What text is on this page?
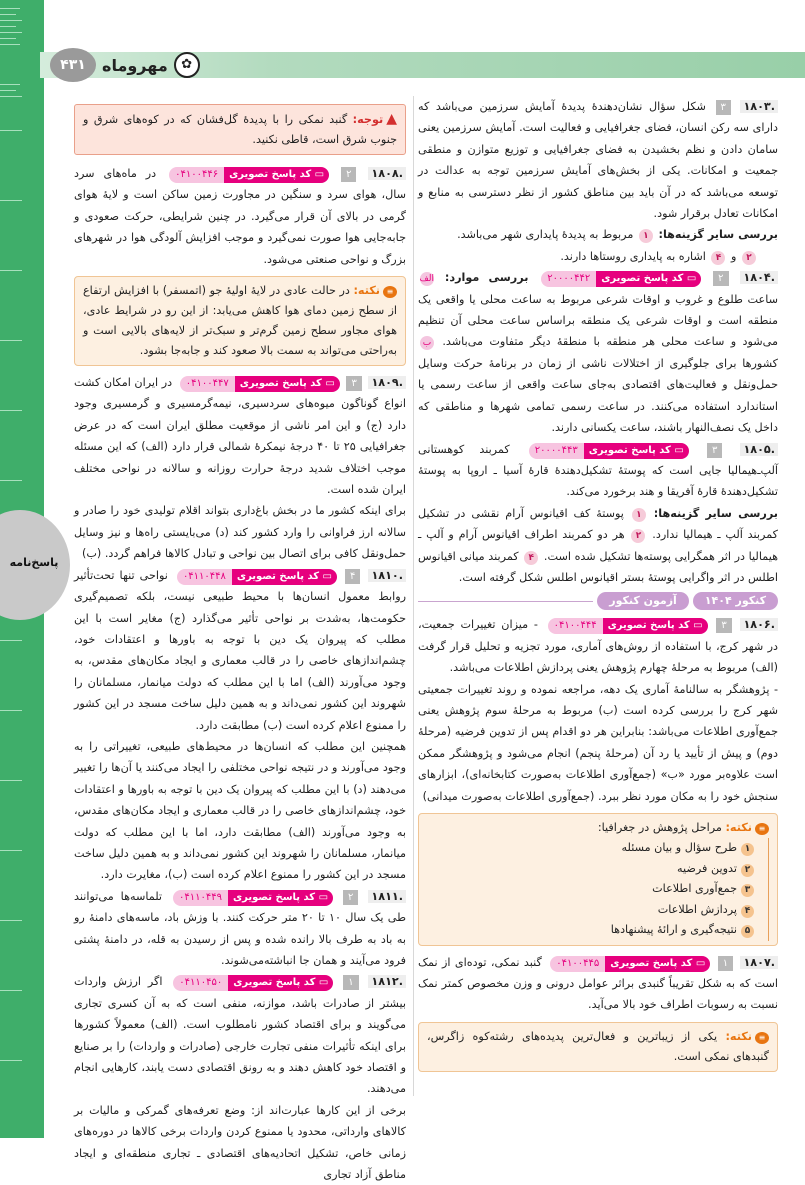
۴۳۱	مهروماه	✿
پاسخ‌نامه

.۱۸۰۳ ۳ شکل سؤال نشان‌دهندهٔ پدیدهٔ آمایش سرزمین می‌باشد که دارای سه رکن انسان، فضای جغرافیایی و فعالیت است. آمایش سرزمین یعنی سامان دادن و نظم بخشیدن به فضای جغرافیایی و توزیع متوازن و منطقی جمعیت و امکانات. یکی از بخش‌های آمایش سرزمین توجه به عدالت در توسعه می‌باشد که در آن باید بین مناطق کشور از نظر دسترسی به منابع و امکانات تعادل برقرار شود.

بررسی سایر گزینه‌ها: ۱ مربوط به پدیدهٔ پایداری شهر می‌باشد.

۲ و ۴ اشاره به پایداری روستاها دارند.

.۱۸۰۴ ۲ ▭ کد پاسخ تصویری۲۰۰۰۰۴۴۲ بررسی موارد: الف ساعت طلوع و غروب و اوقات شرعی مربوط به ساعت محلی یا واقعی یک منطقه است و اوقات شرعی یک منطقه براساس ساعت محلی آن تنظیم می‌شود و ساعت محلی هر منطقه با منطقهٔ دیگر متفاوت می‌باشد. ب کشورها برای جلوگیری از اختلالات ناشی از زمان در برنامهٔ حرکت وسایل حمل‌ونقل و فعالیت‌های اقتصادی به‌جای ساعت واقعی از ساعت رسمی یا استاندارد استفاده می‌کنند. در ساعت رسمی تمامی شهرها و مناطقی که داخل یک نصف‌النهار باشند، ساعت یکسانی دارند.

.۱۸۰۵ ۳ ▭ کد پاسخ تصویری۲۰۰۰۰۴۴۳ کمربند کوهستانی آلپ‌ـ‌هیمالیا جایی است که پوستهٔ تشکیل‌دهندهٔ قارهٔ آسیا ـ اروپا به پوستهٔ تشکیل‌دهندهٔ قارهٔ آفریقا و هند برخورد می‌کند.

بررسی سایر گزینه‌ها: ۱ پوستهٔ کف اقیانوس آرام نقشی در تشکیل کمربند آلپ ـ هیمالیا ندارد. ۲ هر دو کمربند اطراف اقیانوس آرام و آلپ ـ هیمالیا در اثر همگرایی پوسته‌ها تشکیل شده است. ۴ کمربند میانی اقیانوس اطلس در اثر واگرایی پوستهٔ بستر اقیانوس اطلس شکل گرفته است.

کنکور ۱۴۰۴
آزمون کنکور

.۱۸۰۶ ۳ ▭ کد پاسخ تصویری۰۴۱۰۰۴۴۴ - میزان تغییرات جمعیت، در شهر کرج، با استفاده از روش‌های آماری، مورد تجزیه و تحلیل قرار گرفت (الف) مربوط به مرحلهٔ چهارم پژوهش یعنی پردازش اطلاعات می‌باشد.

- پژوهشگر به سالنامهٔ آماری یک دهه، مراجعه نموده و روند تغییرات جمعیتی شهر کرج را بررسی کرده است (ب) مربوط به مرحلهٔ سوم پژوهش یعنی جمع‌آوری اطلاعات می‌باشد: بنابراین هر دو اقدام پس از تدوین فرضیه (مرحلهٔ دوم) و پیش از تأیید یا رد آن (مرحلهٔ پنجم) انجام می‌شود و پژوهشگر ممکن است علاوه‌بر مورد «ب» (جمع‌آوری اطلاعات به‌صورت کتابخانه‌ای)، ابزارهای سنجش خود را به مکان مورد نظر ببرد. (جمع‌آوری اطلاعات به‌صورت میدانی)

≡نکته: مراحل پژوهش در جغرافیا:
۱طرح سؤال و بیان مسئله
۲تدوین فرضیه
۳جمع‌آوری اطلاعات
۴پردازش اطلاعات
۵نتیجه‌گیری و ارائهٔ پیشنهادها

.۱۸۰۷ ۱ ▭ کد پاسخ تصویری۰۴۱۰۰۴۴۵ گنبد نمکی، توده‌ای از نمک است که به شکل تقریباً گنبدی براثر عوامل درونی و وزن مخصوص کمتر نمک نسبت به رسوبات اطراف خود بالا می‌آید.

≡نکته: یکی از زیباترین و فعال‌ترین پدیده‌های رشته‌کوه زاگرس، گنبدهای نمکی است.
▲توجه: گنبد نمکی را با پدیدهٔ گل‌فشان که در کوه‌های شرق و جنوب شرق است، قاطی نکنید.

.۱۸۰۸ ۲ ▭ کد پاسخ تصویری۰۴۱۰۰۴۴۶ در ماه‌های سرد سال، هوای سرد و سنگین در مجاورت زمین ساکن است و لایهٔ هوای گرمی در بالای آن قرار می‌گیرد. در چنین شرایطی، حرکت صعودی و جابه‌جایی هوا صورت نمی‌گیرد و موجب افزایش آلودگی هوا در شهرهای بزرگ و نواحی صنعتی می‌شود.

≡نکته: در حالت عادی در لایهٔ اولیهٔ جو (اتمسفر) با افزایش ارتفاع از سطح زمین دمای هوا کاهش می‌یابد: از این رو در شرایط عادی، هوای مجاور سطح زمین گرم‌تر و سبک‌تر از لایه‌های بالایی است و به‌راحتی می‌تواند به سمت بالا صعود کند و جابه‌جا بشود.

.۱۸۰۹ ۳ ▭ کد پاسخ تصویری۰۴۱۰۰۴۴۷ در ایران امکان کشت انواع گوناگون میوه‌های سردسیری، نیمه‌گرمسیری و گرمسیری وجود دارد (ج) و این امر ناشی از موقعیت مطلق ایران است که در عرض جغرافیایی ۲۵ تا ۴۰ درجهٔ نیمکرهٔ شمالی قرار دارد (الف) که این مسئله موجب اختلاف شدید درجهٔ حرارت روزانه و سالانه در نواحی مختلف ایران شده است.

برای اینکه کشور ما در بخش باغ‌داری بتواند اقلام تولیدی خود را صادر و سالانه ارز فراوانی را وارد کشور کند (د) می‌بایستی راه‌ها و نیز وسایل حمل‌ونقل کافی برای اتصال بین نواحی و تبادل کالاها فراهم گردد. (ب)

.۱۸۱۰ ۴ ▭ کد پاسخ تصویری۰۴۱۱۰۴۴۸ نواحی تنها تحت‌تأثیر روابط معمول انسان‌ها با محیط طبیعی نیست، بلکه تصمیم‌گیری حکومت‌ها، به‌شدت بر نواحی تأثیر می‌گذارد (ج) مغایر است با این مطلب که پیروان یک دین با توجه به باورها و اعتقادات خود، چشم‌اندازهای خاصی را در قالب معماری و ایجاد مکان‌های مقدس، به وجود می‌آورند (الف) اما با این مطلب که دولت میانمار، مسلمانان را شهروند این کشور نمی‌داند و به همین دلیل ساخت مسجد در این کشور را ممنوع اعلام کرده است (ب) مطابقت دارد.

همچنین این مطلب که انسان‌ها در محیط‌های طبیعی، تغییراتی را به وجود می‌آورند و در نتیجه نواحی مختلفی را ایجاد می‌کنند یا آن‌ها را تغییر می‌دهند (د) با این مطلب که پیروان یک دین با توجه به باورها و اعتقادات خود، چشم‌اندازهای خاصی را در قالب معماری و ایجاد مکان‌های مقدس، به وجود می‌آورند (الف) مطابقت دارد، اما با این مطلب که دولت میانمار، مسلمانان را شهروند این کشور نمی‌داند و به همین دلیل ساخت مسجد در این کشور را ممنوع اعلام کرده است (ب)، مغایرت دارد.

.۱۸۱۱ ۲ ▭ کد پاسخ تصویری۰۴۱۱۰۴۴۹ تلماسه‌ها می‌توانند طی یک سال ۱۰ تا ۲۰ متر حرکت کنند. با وزش باد، ماسه‌های دامنهٔ رو به باد به طرف بالا رانده شده و پس از رسیدن به قله، در دامنهٔ پشتی فرود می‌آیند و همان جا انباشته‌می‌شوند.

.۱۸۱۲ ۱ ▭ کد پاسخ تصویری۰۴۱۱۰۴۵۰ اگر ارزش واردات بیشتر از صادرات باشد، موازنه، منفی است که به آن کسری تجاری می‌گویند و برای اقتصاد کشور نامطلوب است. (الف) معمولاً کشورها برای اینکه تأثیرات منفی تجارت خارجی (صادرات و واردات) را بر صنایع و اقتصاد خود کاهش دهند و به رونق اقتصادی دست یابند، کارهایی انجام می‌دهند.

برخی از این کارها عبارت‌اند از: وضع تعرفه‌های گمرکی و مالیات بر کالاهای وارداتی، محدود یا ممنوع کردن واردات برخی کالاها در دوره‌های زمانی خاص، تشکیل اتحادیه‌های اقتصادی ـ تجاری منطقه‌ای و ایجاد مناطق آزاد تجاری
